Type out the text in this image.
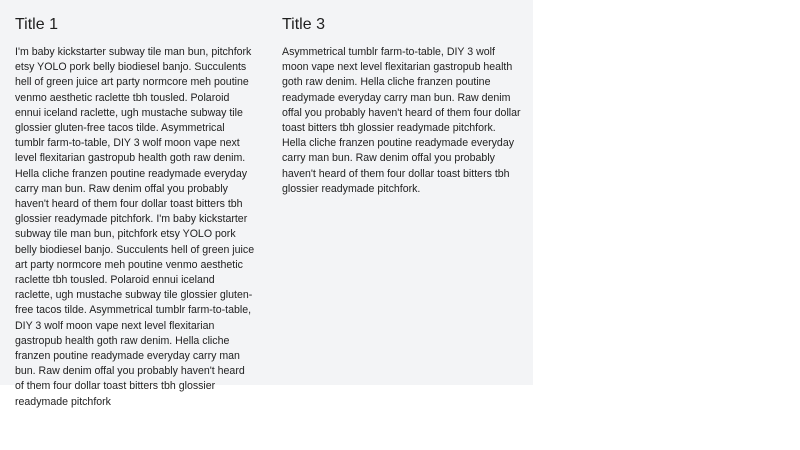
Title 1

I'm baby kickstarter subway tile man bun, pitchfork etsy YOLO pork belly biodiesel banjo. Succulents hell of green juice art party normcore meh poutine venmo aesthetic raclette tbh tousled. Polaroid ennui iceland raclette, ugh mustache subway tile glossier gluten-free tacos tilde. Asymmetrical tumblr farm-to-table, DIY 3 wolf moon vape next level flexitarian gastropub health goth raw denim. Hella cliche franzen poutine readymade everyday carry man bun. Raw denim offal you probably haven't heard of them four dollar toast bitters tbh glossier readymade pitchfork. I'm baby kickstarter subway tile man bun, pitchfork etsy YOLO pork belly biodiesel banjo. Succulents hell of green juice art party normcore meh poutine venmo aesthetic raclette tbh tousled. Polaroid ennui iceland raclette, ugh mustache subway tile glossier gluten-free tacos tilde. Asymmetrical tumblr farm-to-table, DIY 3 wolf moon vape next level flexitarian gastropub health goth raw denim. Hella cliche franzen poutine readymade everyday carry man bun. Raw denim offal you probably haven't heard of them four dollar toast bitters tbh glossier readymade pitchfork

Title 3

Asymmetrical tumblr farm-to-table, DIY 3 wolf moon vape next level flexitarian gastropub health goth raw denim. Hella cliche franzen poutine readymade everyday carry man bun. Raw denim offal you probably haven't heard of them four dollar toast bitters tbh glossier readymade pitchfork. Hella cliche franzen poutine readymade everyday carry man bun. Raw denim offal you probably haven't heard of them four dollar toast bitters tbh glossier readymade pitchfork.
